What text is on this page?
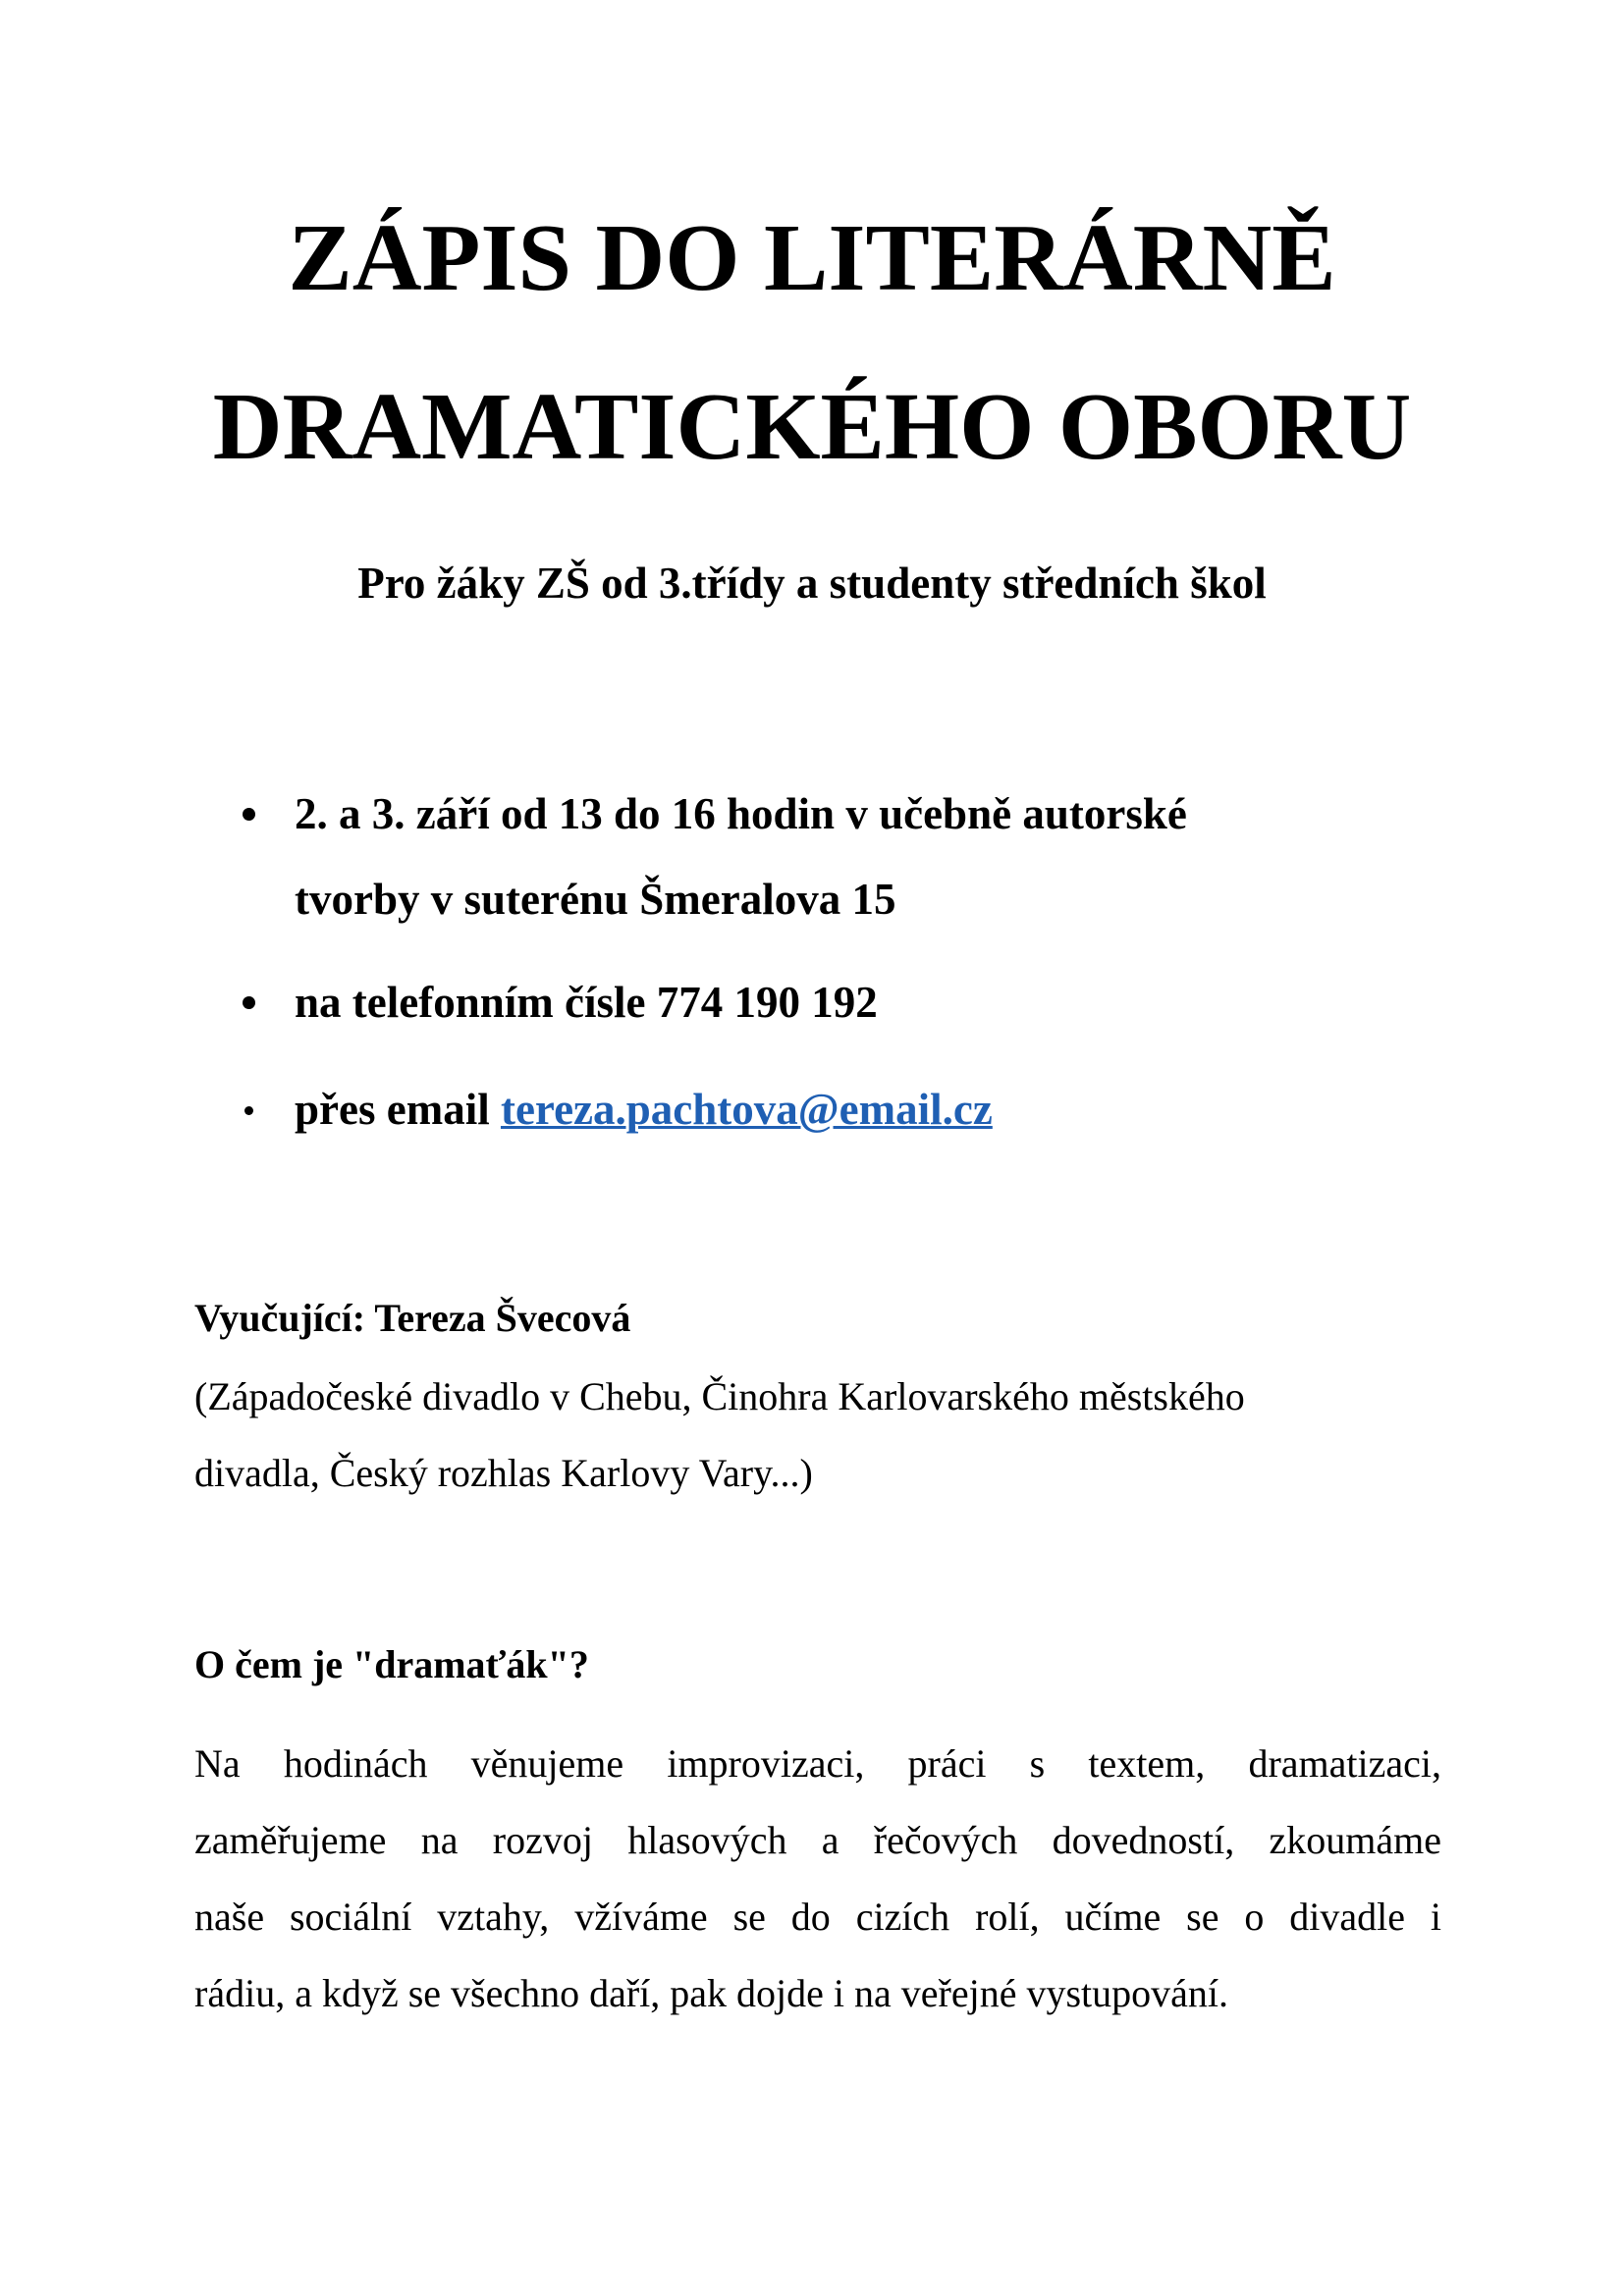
ZÁPIS DO LITERÁRNĚ
DRAMATICKÉHO OBORU
Pro žáky ZŠ od 3.třídy a studenty středních škol
2. a 3. září od 13 do 16 hodin v učebně autorské
tvorby v suterénu Šmeralova 15
na telefonním čísle 774 190 192
přes email tereza.pachtova@email.cz
Vyučující: Tereza Švecová
(Západočeské divadlo v Chebu, Činohra Karlovarského městského
divadla, Český rozhlas Karlovy Vary...)
O čem je "dramaťák"?
Na hodinách věnujeme improvizaci, práci s textem, dramatizaci,
zaměřujeme na rozvoj hlasových a řečových dovedností, zkoumáme
naše sociální vztahy, vžíváme se do cizích rolí, učíme se o divadle i
rádiu, a když se všechno daří, pak dojde i na veřejné vystupování.
